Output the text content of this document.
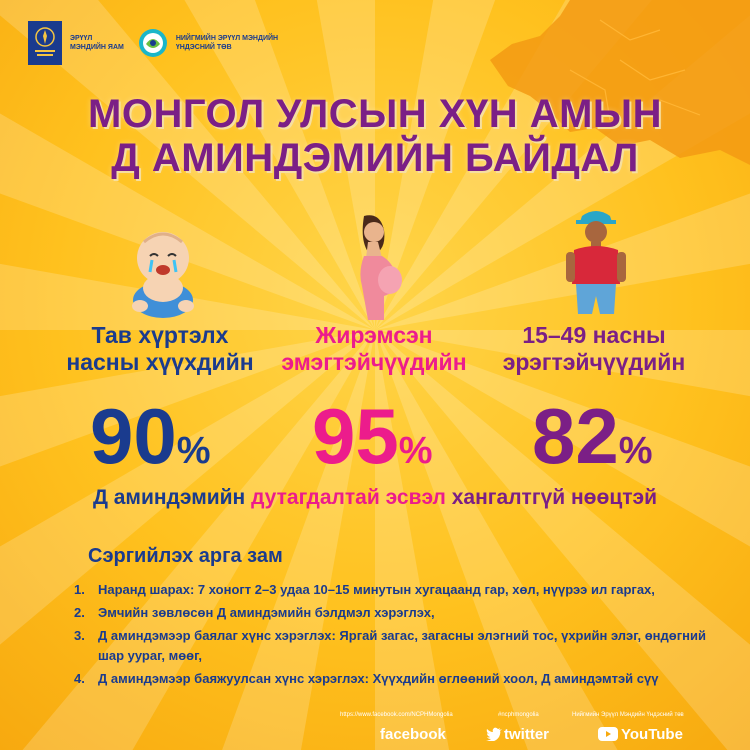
ЭРҮҮЛ
МЭНДИЙН ЯАМ
НИЙГМИЙН ЭРҮҮЛ МЭНДИЙН
ҮНДЭСНИЙ ТӨВ
МОНГОЛ УЛСЫН ХҮН АМЫН
Д АМИНДЭМИЙН БАЙДАЛ
Тав хүртэлх
насны хүүхдийн
Жирэмсэн
эмэгтэйчүүдийн
15–49 насны
эрэгтэйчүүдийн
90% 95% 82%
Д аминдэмийн дутагдалтай эсвэл хангалтгүй нөөцтэй
Сэргийлэх арга зам
1.	Наранд шарах: 7 хоногт 2–3 удаа 10–15 минутын хугацаанд гар, хөл, нүүрээ ил гаргах,
2.	Эмчийн зөвлөсөн Д аминдэмийн бэлдмэл хэрэглэх,
3.	Д аминдэмээр баялаг хүнс хэрэглэх: Яргай загас, загасны элэгний тос, үхрийн элэг, өндөгний шар уураг, мөөг,
4.	Д аминдэмээр баяжуулсан хүнс хэрэглэх: Хүүхдийн өглөөний хоол, Д аминдэмтэй сүү
https://www.facebook.com/NCPHMongolia	#ncphmongolia	Нийгмийн Эрүүл Мэндийн Үндэсний төв
facebook	twitter	YouTube
